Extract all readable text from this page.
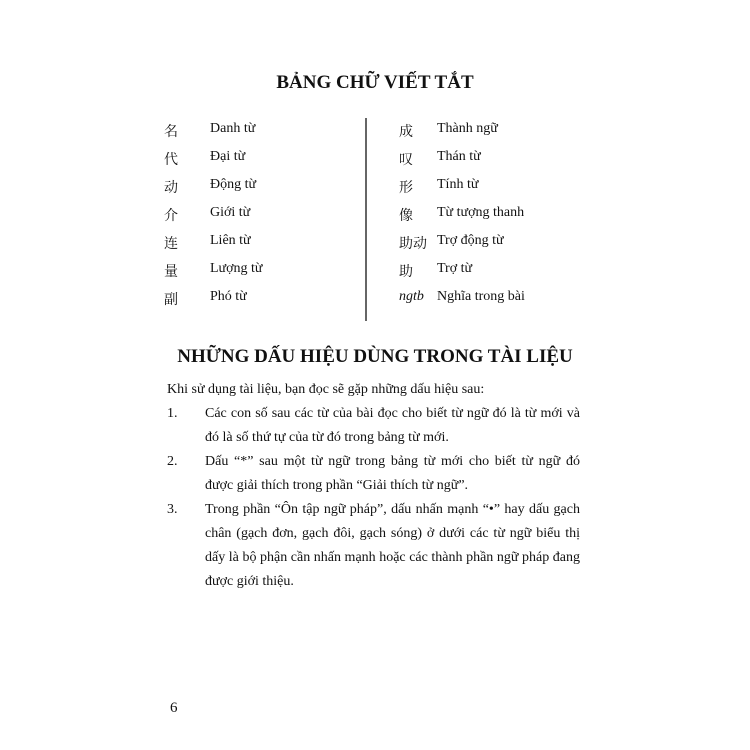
BẢNG CHỮ VIẾT TẮT
名 Danh từ
代 Đại từ
动 Động từ
介 Giới từ
连 Liên từ
量 Lượng từ
副 Phó từ
成 Thành ngữ
叹 Thán từ
形 Tính từ
像 Từ tượng thanh
助动 Trợ động từ
助 Trợ từ
ngtb Nghĩa trong bài
NHỮNG DẤU HIỆU DÙNG TRONG TÀI LIỆU

Khi sử dụng tài liệu, bạn đọc sẽ gặp những dấu hiệu sau:

1.	Các con số sau các từ của bài đọc cho biết từ ngữ đó là từ mới và đó là số thứ tự của từ đó trong bảng từ mới.
2.	Dấu “*” sau một từ ngữ trong bảng từ mới cho biết từ ngữ đó được giải thích trong phần “Giải thích từ ngữ”.
3.	Trong phần “Ôn tập ngữ pháp”, dấu nhấn mạnh “•” hay dấu gạch chân (gạch đơn, gạch đôi, gạch sóng) ở dưới các từ ngữ biểu thị dấy là bộ phận cần nhấn mạnh hoặc các thành phần ngữ pháp đang được giới thiệu.
6
